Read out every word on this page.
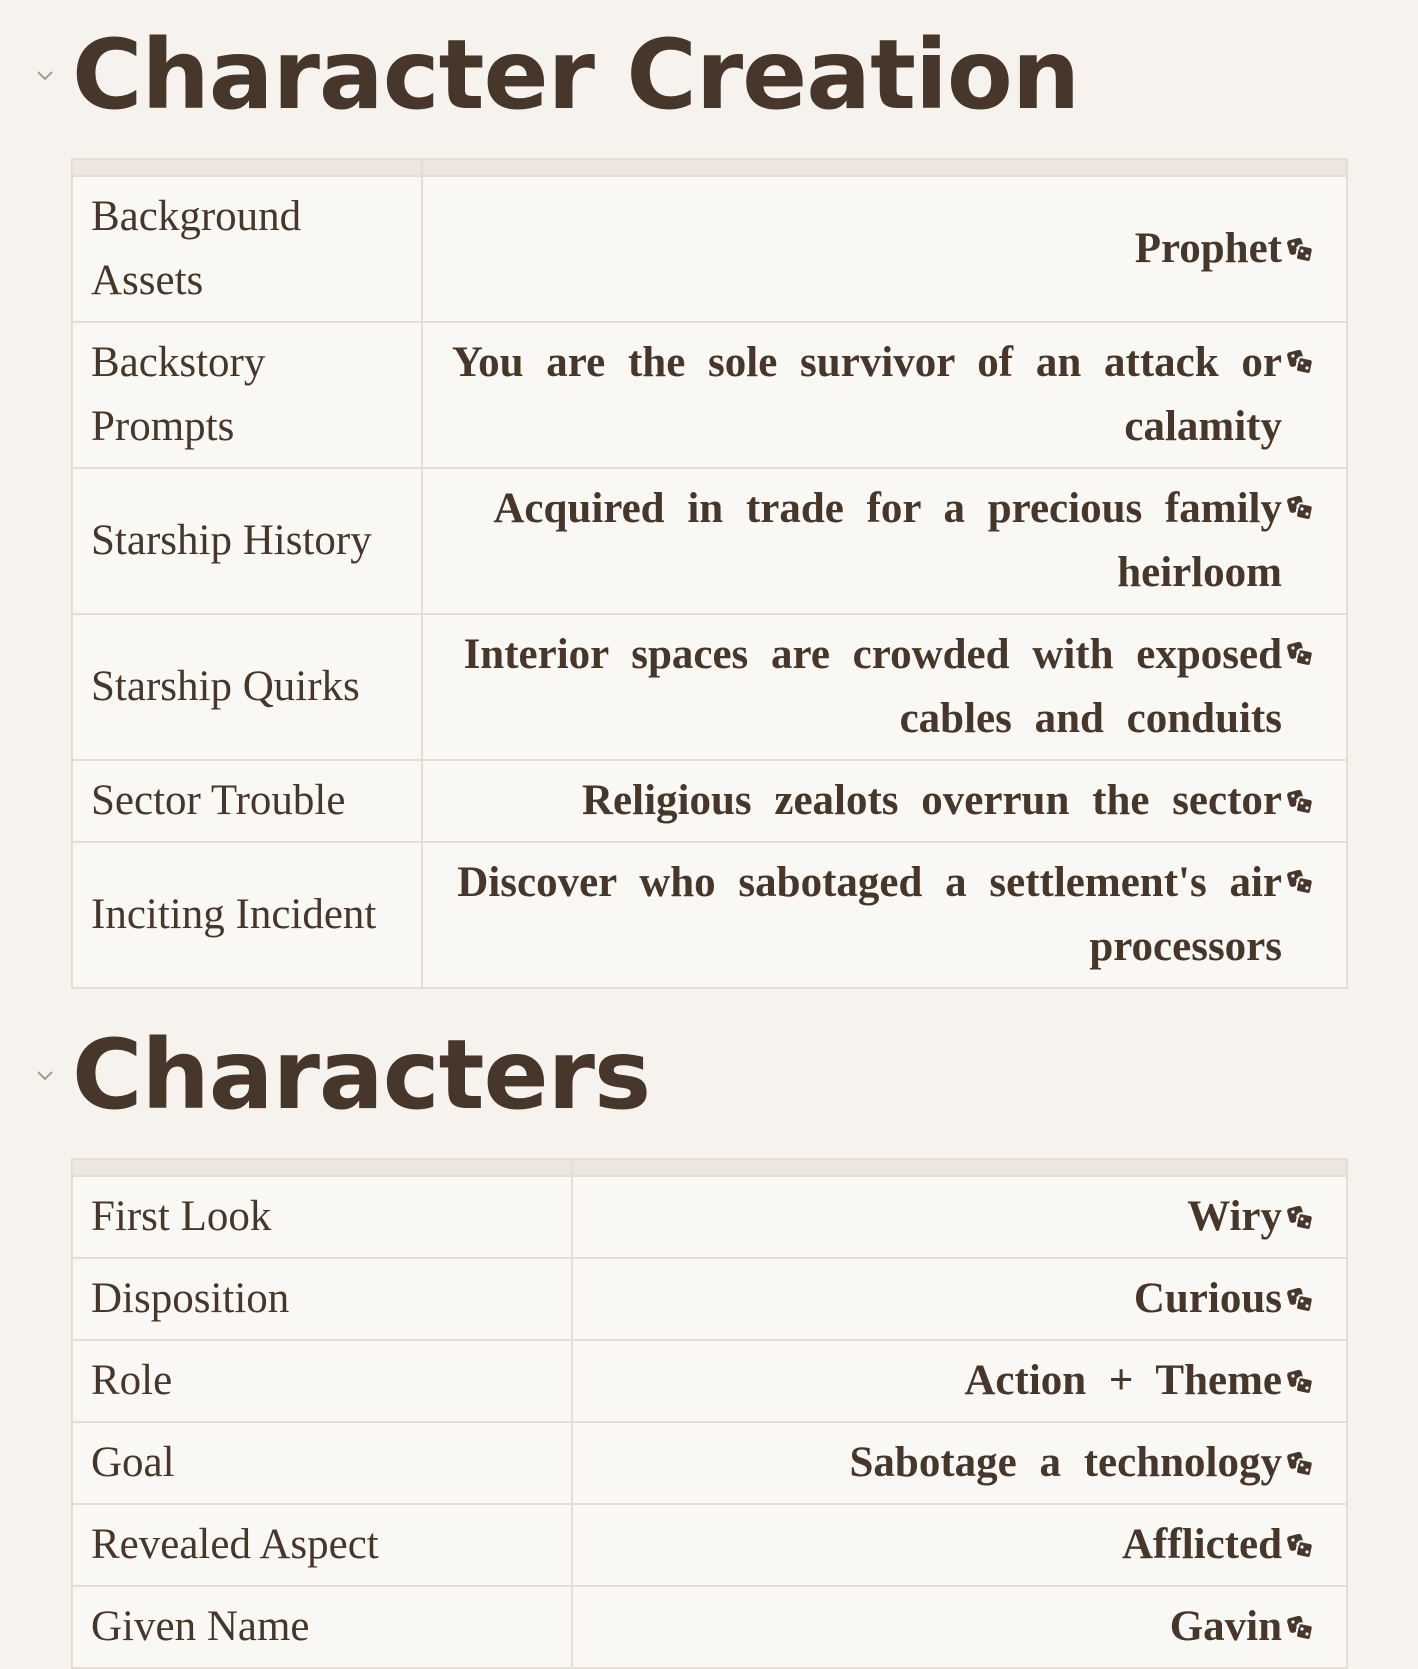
Character Creation

Background Assets	Prophet

Backstory Prompts	You are the sole survivor of an attack or calamity

Starship History	Acquired in trade for a precious family heirloom

Starship Quirks	Interior spaces are crowded with exposed cables and conduits

Sector Trouble	Religious zealots overrun the sector

Inciting Incident	Discover who sabotaged a settlement's air processors
Characters

First Look	Wiry

Disposition	Curious

Role	Action + Theme

Goal	Sabotage a technology

Revealed Aspect	Afflicted

Given Name	Gavin
